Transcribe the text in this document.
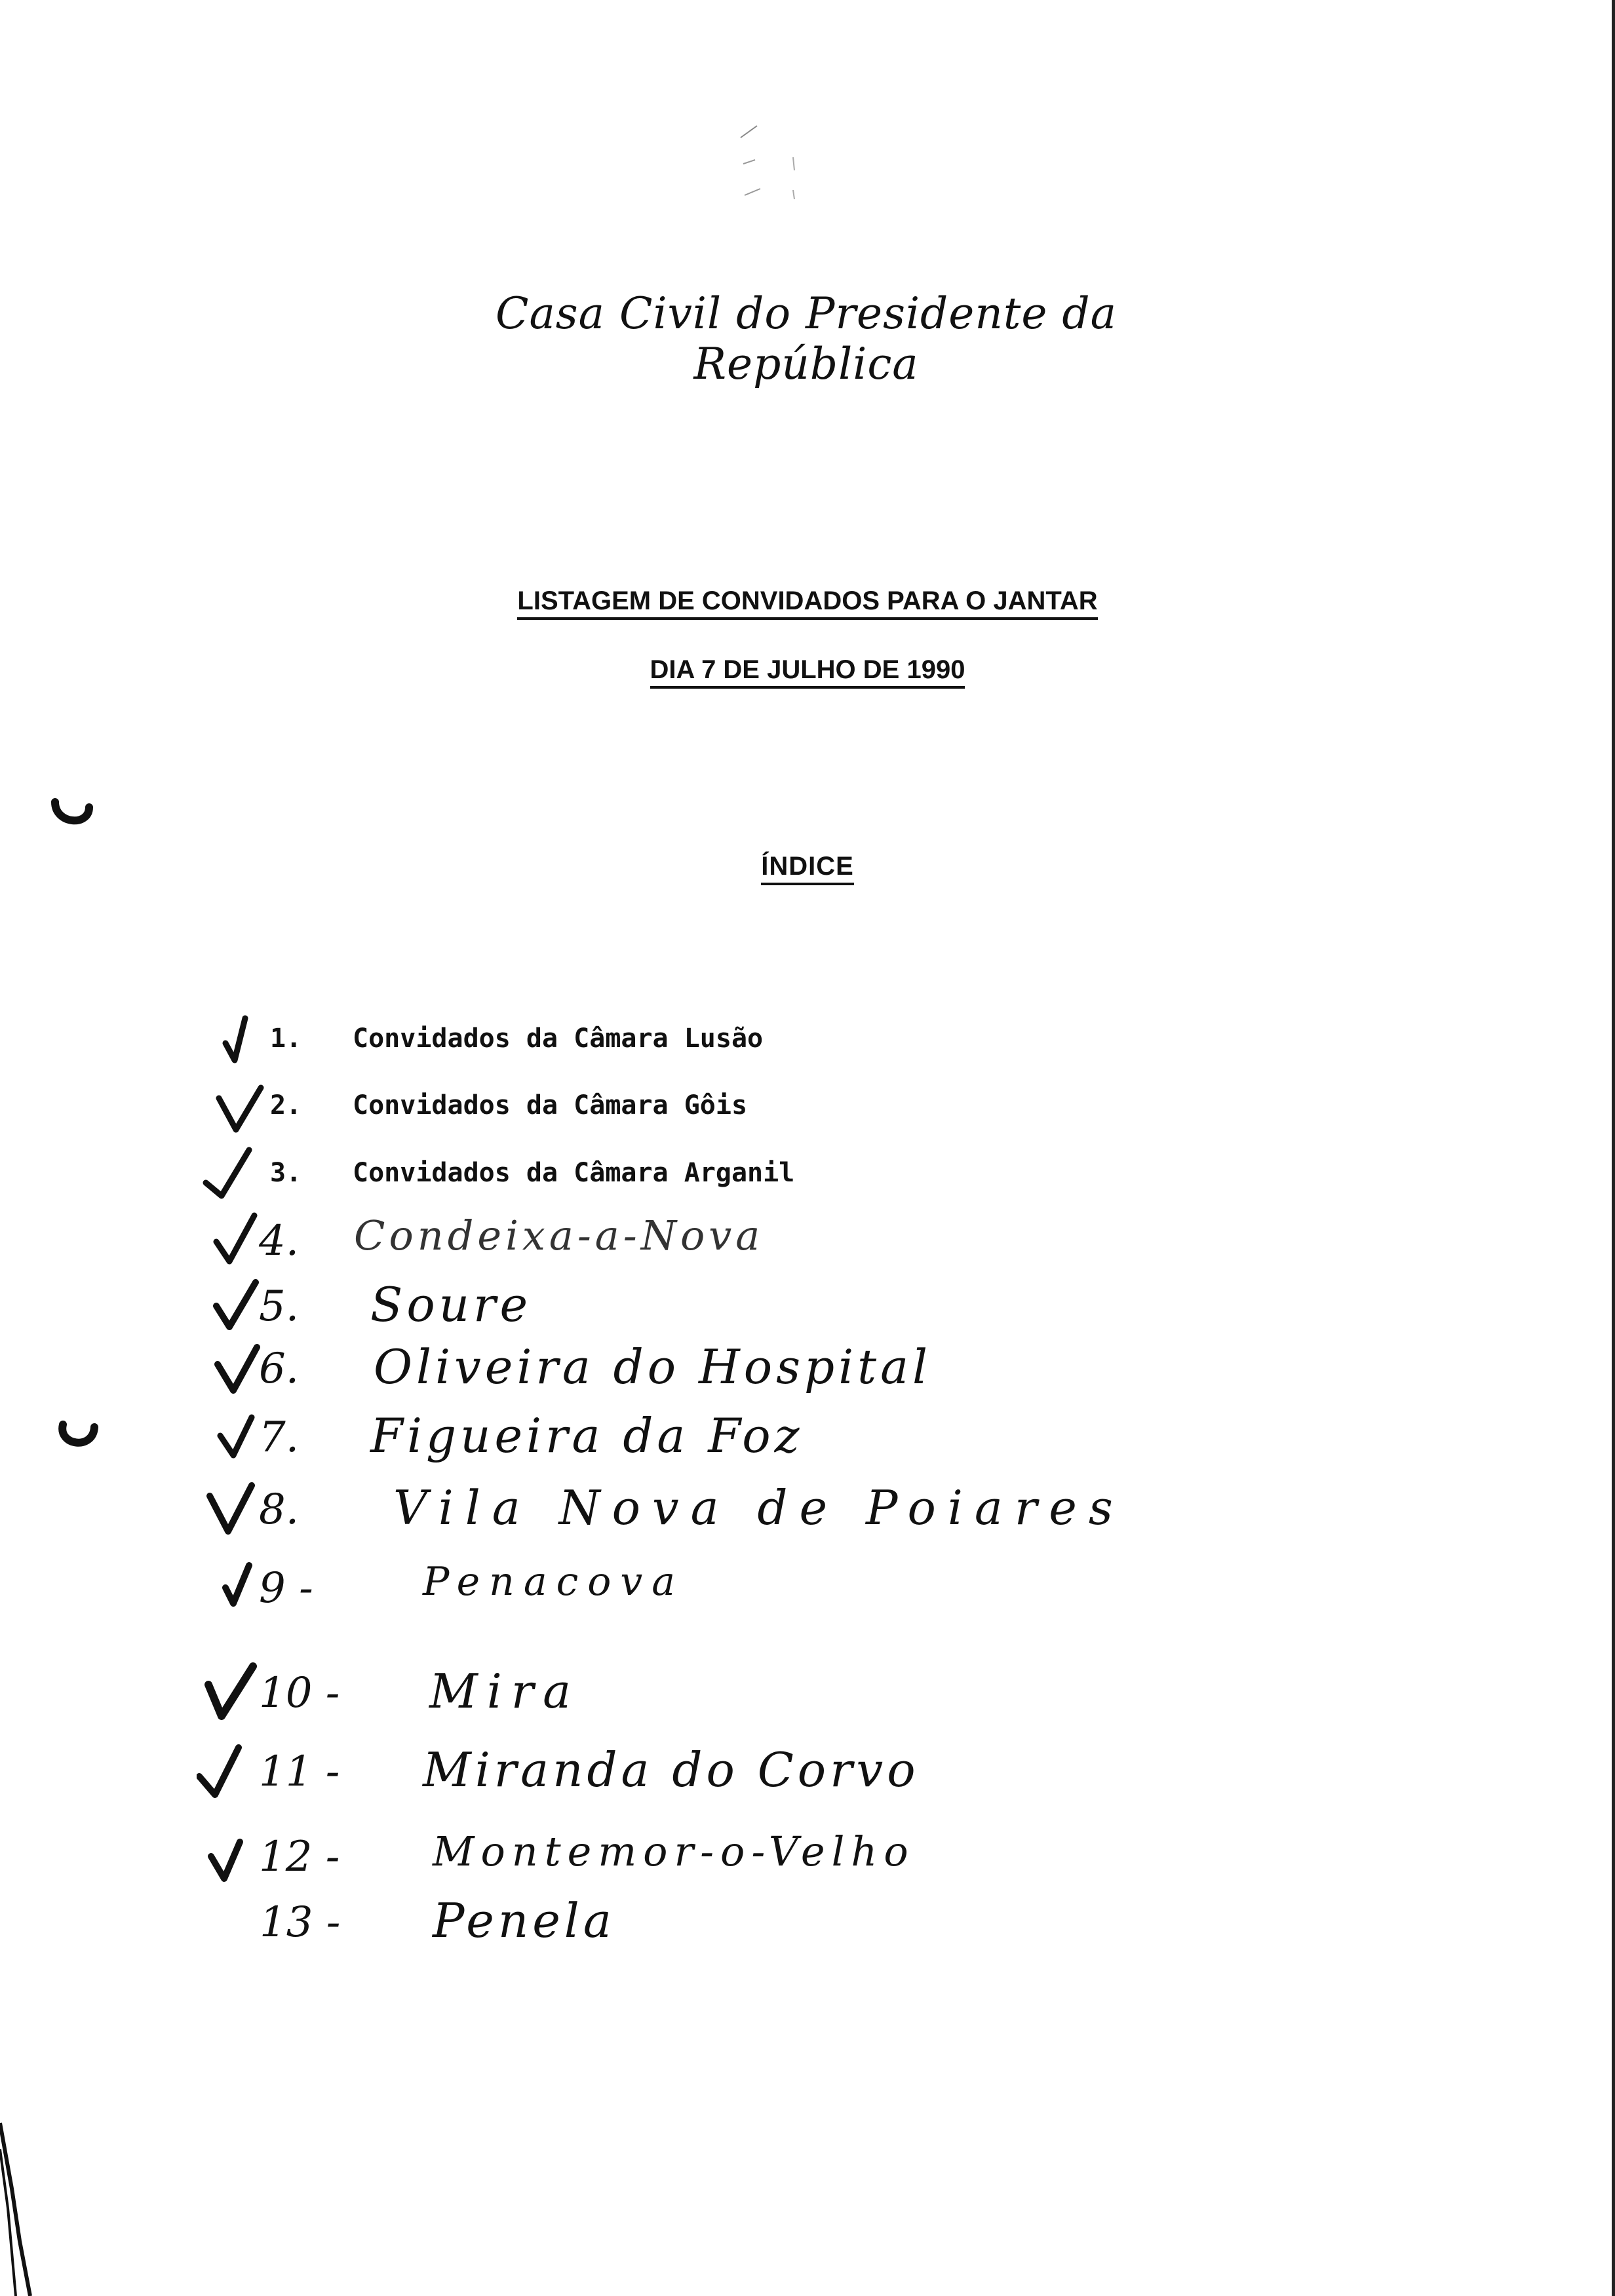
Casa Civil do Presidente da República
LISTAGEM DE CONVIDADOS PARA O JANTAR
DIA 7 DE JULHO DE 1990
ÍNDICE
1. Convidados da Câmara Lusão
2. Convidados da Câmara Gôis
3. Convidados da Câmara Arganil
4. Condeixa-a-Nova
5. Soure
6. Oliveira do Hospital
7. Figueira da Foz
8. Vila Nova de Poiares
9 -	Penacova
10 - Mira
11 - Miranda do Corvo
12 - Montemor-o-Velho
13 - Penela
